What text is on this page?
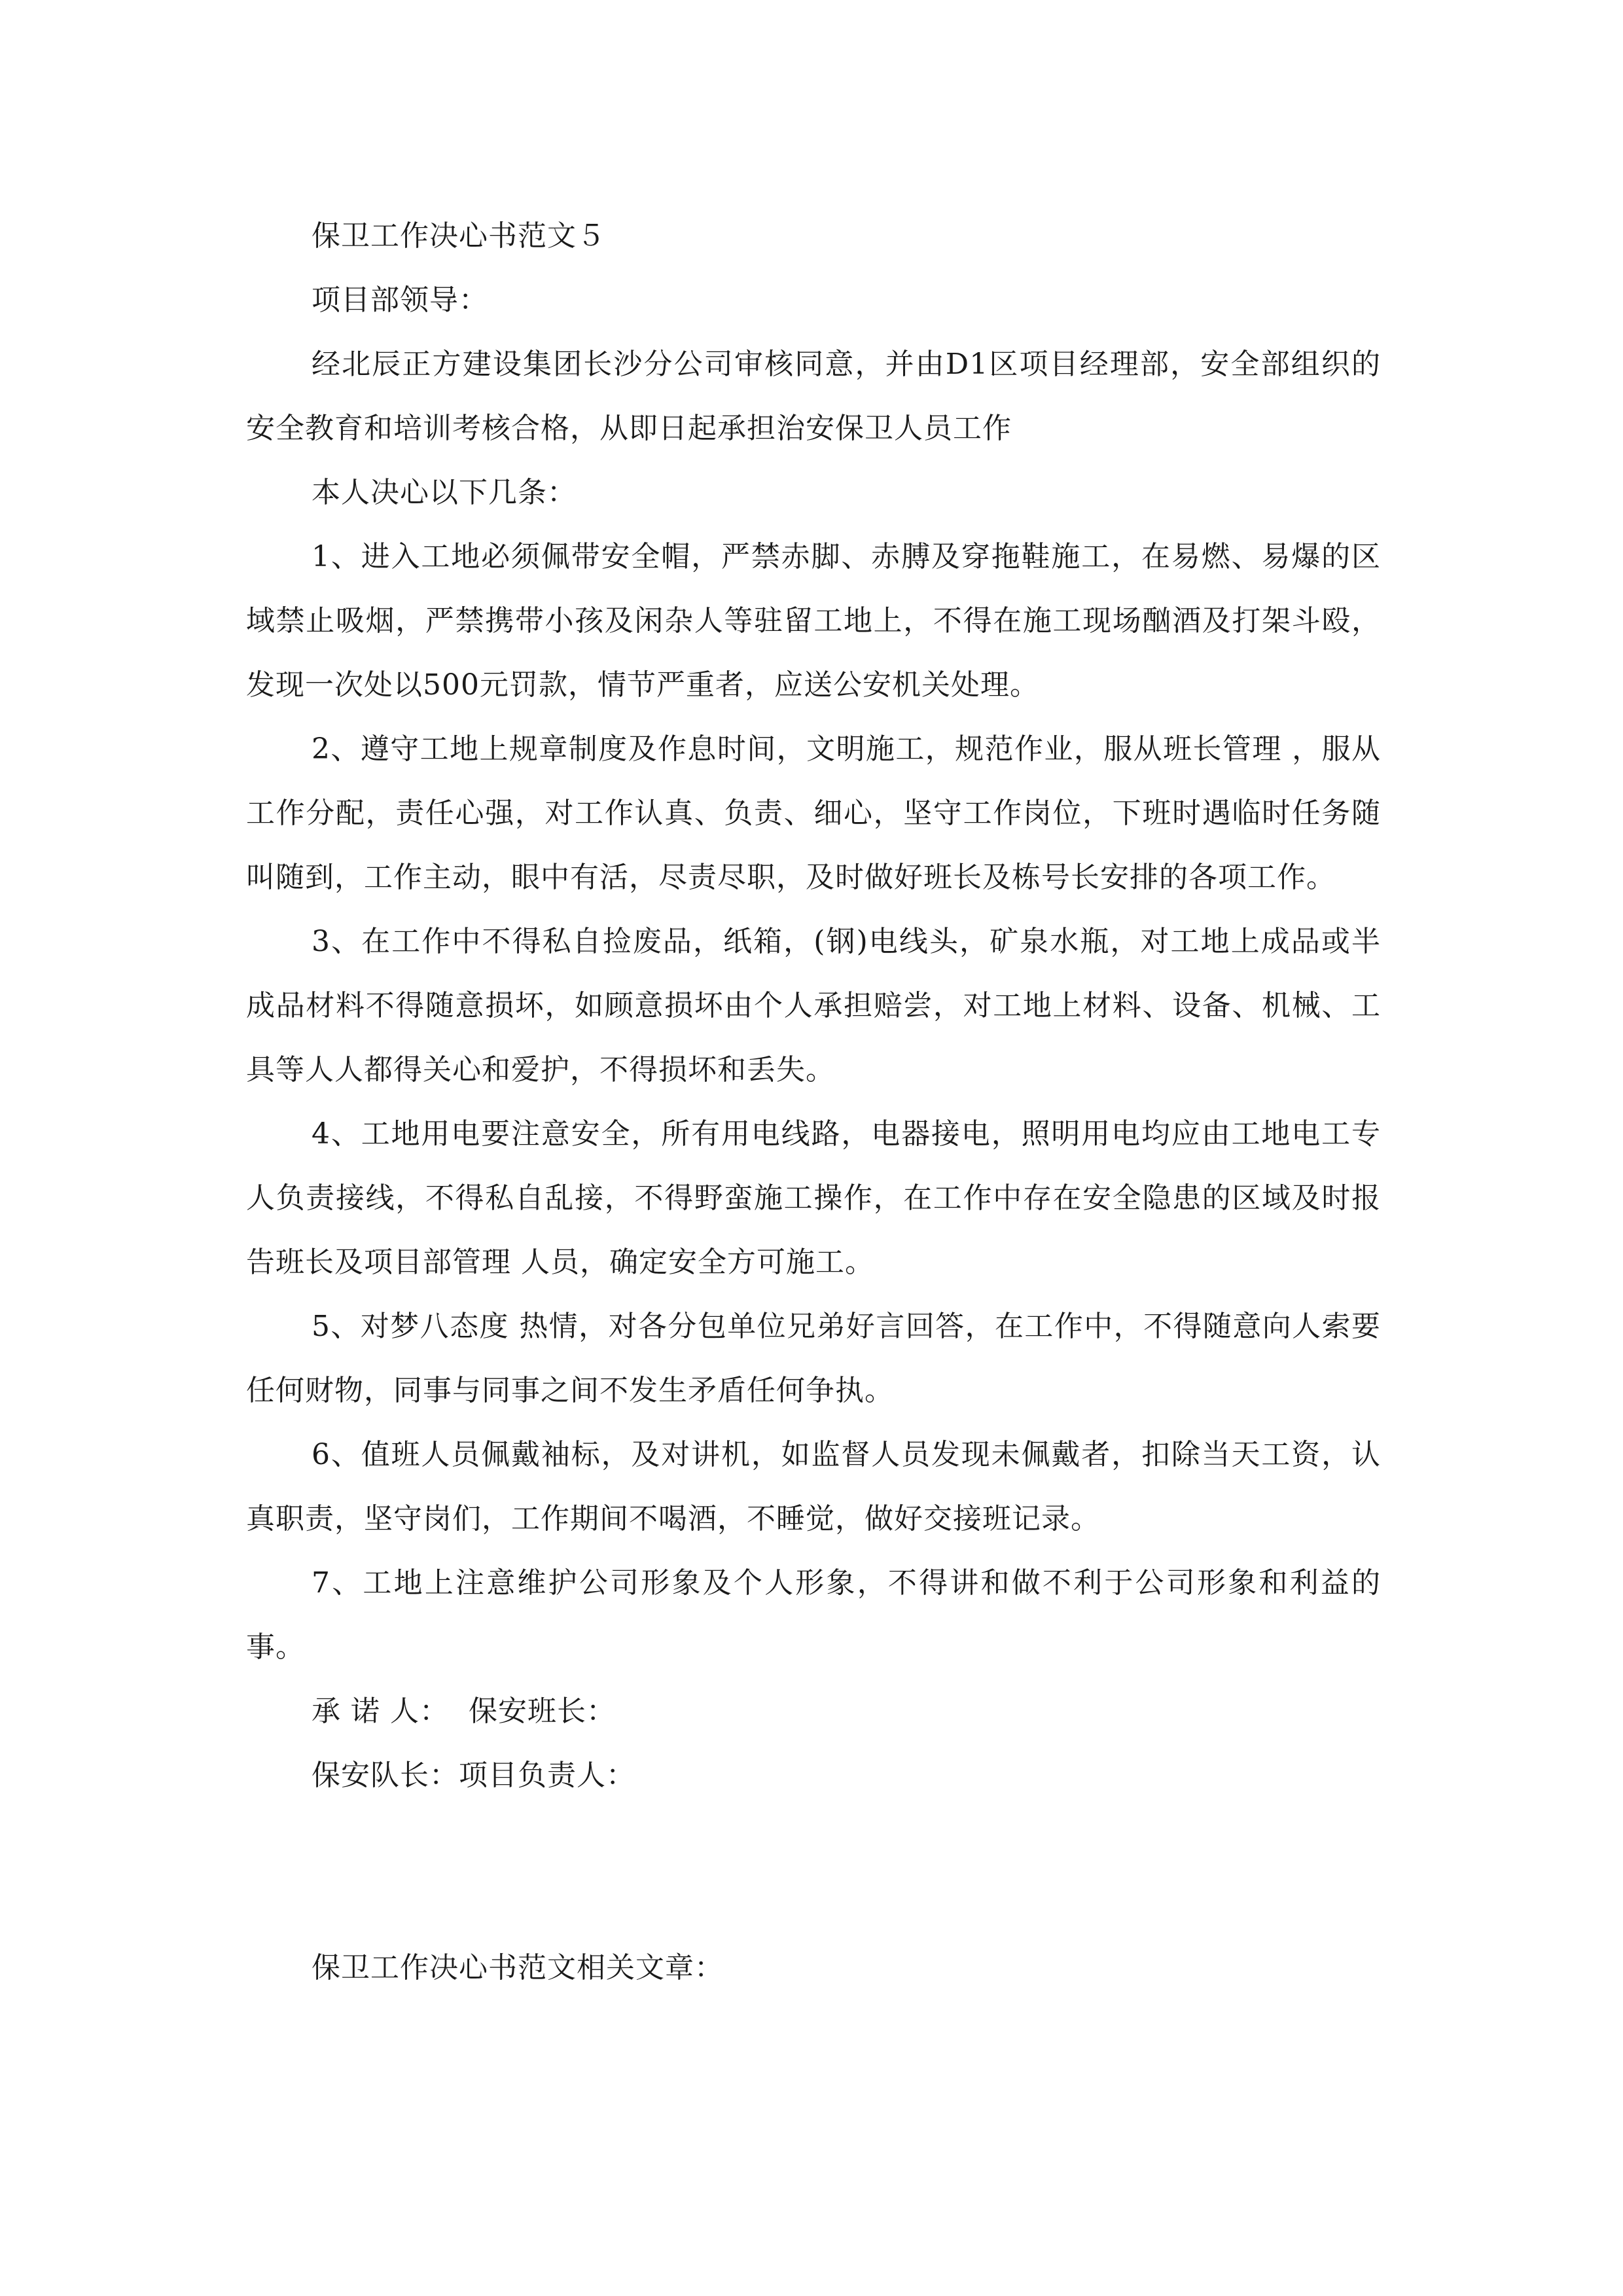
保卫工作决心书范文５

项目部领导：

经北辰正方建设集团长沙分公司审核同意，并由D1区项目经理部，安全部组织的安全教育和培训考核合格，从即日起承担治安保卫人员工作

本人决心以下几条：

1、进入工地必须佩带安全帽，严禁赤脚、赤膊及穿拖鞋施工，在易燃、易爆的区域禁止吸烟，严禁携带小孩及闲杂人等驻留工地上，不得在施工现场酗酒及打架斗殴，发现一次处以500元罚款，情节严重者，应送公安机关处理。

2、遵守工地上规章制度及作息时间，文明施工，规范作业，服从班长管理 ，服从 工作分配，责任心强，对工作认真、负责、细心，坚守工作岗位，下班时遇临时任务随叫随到，工作主动，眼中有活，尽责尽职，及时做好班长及栋号长安排的各项工作。

3、在工作中不得私自捡废品，纸箱，(钢)电线头，矿泉水瓶，对工地上成品或半成品材料不得随意损坏，如顾意损坏由个人承担赔尝，对工地上材料、设备、机械、工具等人人都得关心和爱护，不得损坏和丢失。

4、工地用电要注意安全，所有用电线路，电器接电，照明用电均应由工地电工专人负责接线，不得私自乱接，不得野蛮施工操作，在工作中存在安全隐患的区域及时报告班长及项目部管理 人员，确定安全方可施工。

5、对梦八态度 热情，对各分包单位兄弟好言回答，在工作中，不得随意向人索要任何财物，同事与同事之间不发生矛盾任何争执。

6、值班人员佩戴袖标，及对讲机，如监督人员发现未佩戴者，扣除当天工资，认真职责，坚守岗们，工作期间不喝酒，不睡觉，做好交接班记录。

7、工地上注意维护公司形象及个人形象，不得讲和做不利于公司形象和利益的事。

承 诺 人：  保安班长：

保安队长：项目负责人：

保卫工作决心书范文相关文章：
